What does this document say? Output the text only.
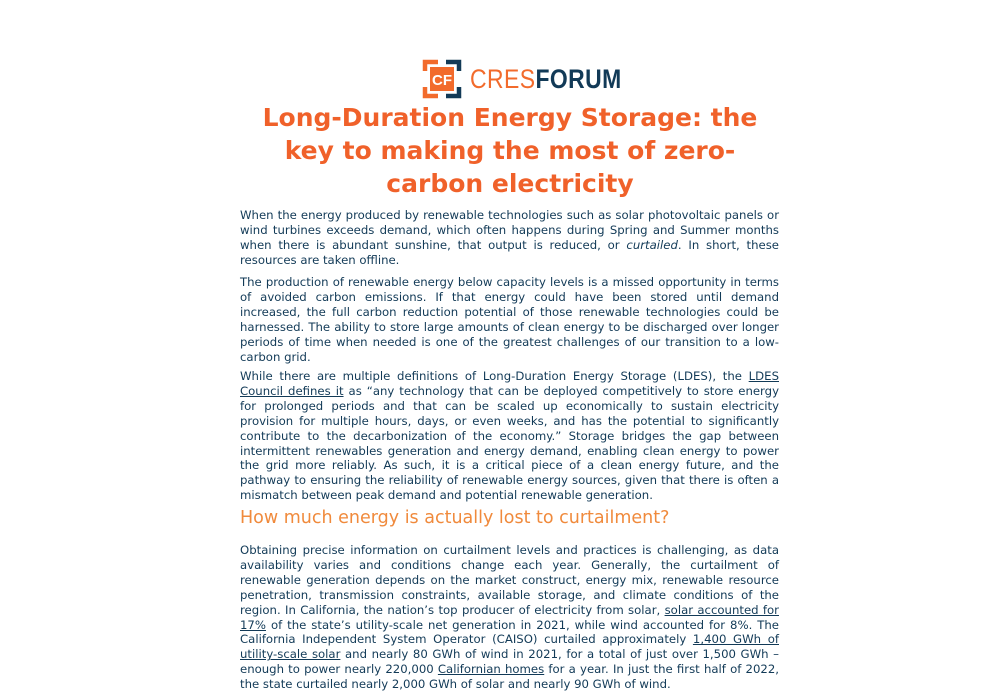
CF CRESFORUM
Long-Duration Energy Storage: the key to making the most of zero-carbon electricity

When the energy produced by renewable technologies such as solar photovoltaic panels or wind turbines exceeds demand, which often happens during Spring and Summer months when there is abundant sunshine, that output is reduced, or curtailed. In short, these resources are taken offline.

The production of renewable energy below capacity levels is a missed opportunity in terms of avoided carbon emissions. If that energy could have been stored until demand increased, the full carbon reduction potential of those renewable technologies could be harnessed. The ability to store large amounts of clean energy to be discharged over longer periods of time when needed is one of the greatest challenges of our transition to a low-carbon grid.

While there are multiple definitions of Long-Duration Energy Storage (LDES), the LDES Council defines it as “any technology that can be deployed competitively to store energy for prolonged periods and that can be scaled up economically to sustain electricity provision for multiple hours, days, or even weeks, and has the potential to significantly contribute to the decarbonization of the economy.” Storage bridges the gap between intermittent renewables generation and energy demand, enabling clean energy to power the grid more reliably. As such, it is a critical piece of a clean energy future, and the pathway to ensuring the reliability of renewable energy sources, given that there is often a mismatch between peak demand and potential renewable generation.

How much energy is actually lost to curtailment?

Obtaining precise information on curtailment levels and practices is challenging, as data availability varies and conditions change each year. Generally, the curtailment of renewable generation depends on the market construct, energy mix, renewable resource penetration, transmission constraints, available storage, and climate conditions of the region. In California, the nation’s top producer of electricity from solar, solar accounted for 17% of the state’s utility-scale net generation in 2021, while wind accounted for 8%. The California Independent System Operator (CAISO) curtailed approximately 1,400 GWh of utility-scale solar and nearly 80 GWh of wind in 2021, for a total of just over 1,500 GWh – enough to power nearly 220,000 Californian homes for a year. In just the first half of 2022, the state curtailed nearly 2,000 GWh of solar and nearly 90 GWh of wind.
